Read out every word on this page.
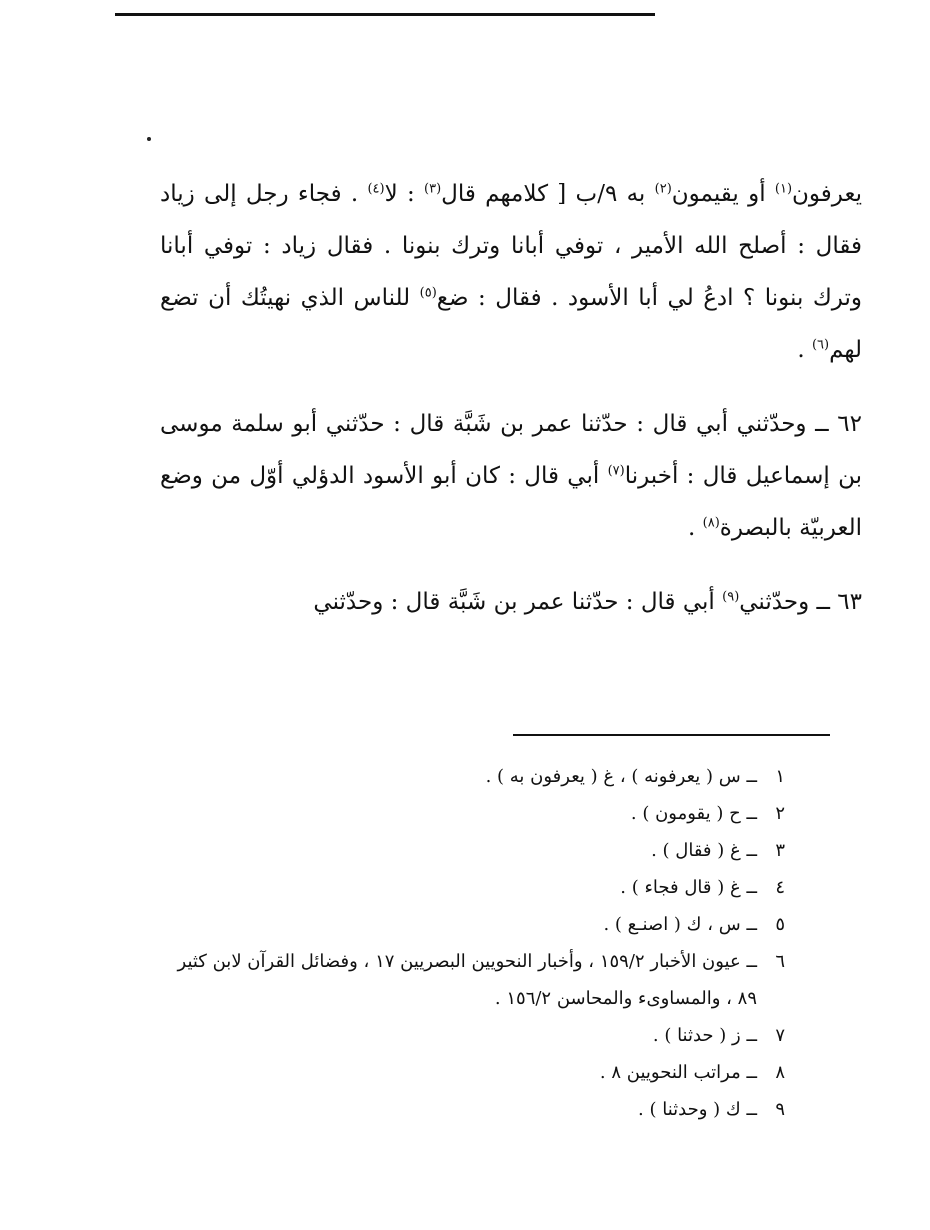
يعرفون$^{(١)}$ أو يقيمون$^{(٢)}$ به ٩/ب [ كلامهم قال$^{(٣)}$ : لا$^{(٤)}$ . فجاء رجل إلى زياد فقال : أصلح الله الأمير ، توفي أبانا وترك بنونا . فقال زياد : توفي أبانا وترك بنونا ؟ ادعُ لي أبا الأسود . فقال : ضع$^{(٥)}$ للناس الذي نهيتُك أن تضع لهم$^{(٦)}$ .

٦٢ ــ وحدّثني أبي قال : حدّثنا عمر بن شَبَّة قال : حدّثني أبو سلمة موسى بن إسماعيل قال : أخبرنا$^{(٧)}$ أبي قال : كان أبو الأسود الدؤلي أوّل من وضع العربيّة بالبصرة$^{(٨)}$ .

٦٣ ــ وحدّثني$^{(٩)}$ أبي قال : حدّثنا عمر بن شَبَّة قال : وحدّثني

١
ــ س ( يعرفونه ) ، غ ( يعرفون به ) .
٢
ــ ح ( يقومون ) .
٣
ــ غ ( فقال ) .
٤
ــ غ ( قال فجاء ) .
٥
ــ س ، ك ( اصنـع ) .
٦
ــ عيون الأخبار ١٥٩/٢ ، وأخبار النحويين البصريين ١٧ ، وفضائل القرآن لابن كثير ٨٩ ، والمساوىء والمحاسن ١٥٦/٢ .
٧
ــ ز ( حدثنا ) .
٨
ــ مراتب النحويين ٨ .
٩
ــ ك ( وحدثنا ) .
